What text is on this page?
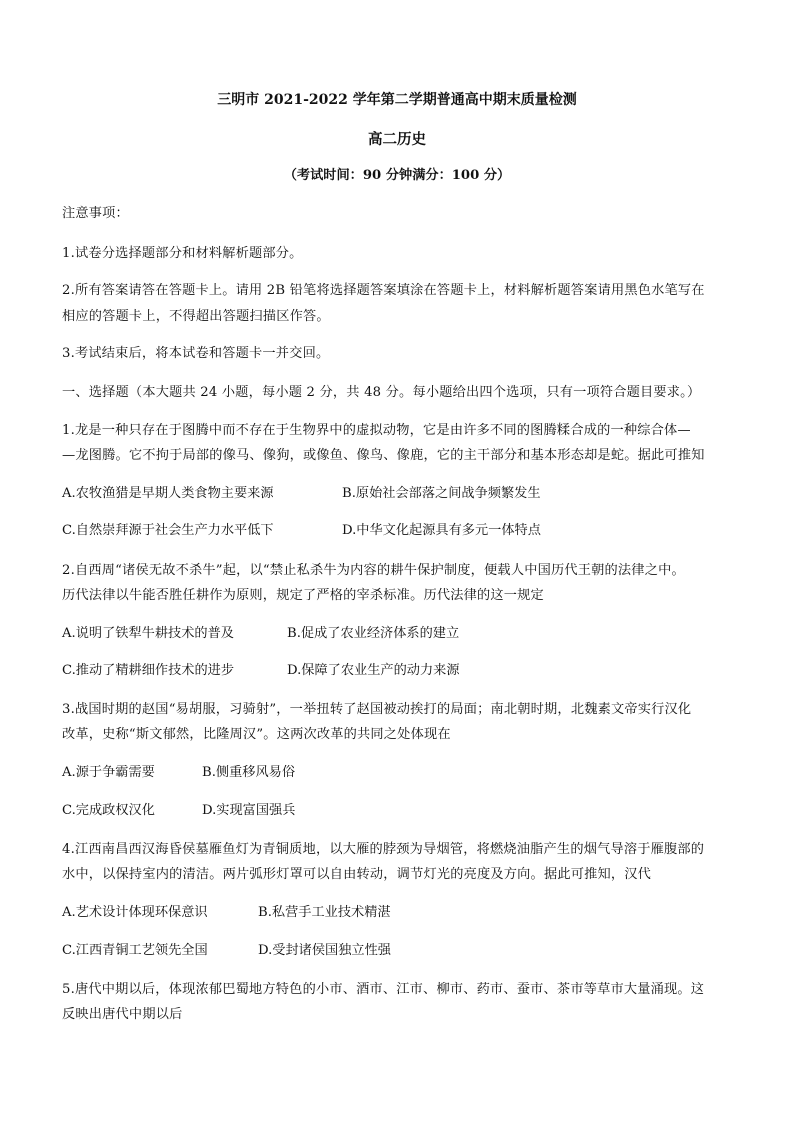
三明市 2021-2022 学年第二学期普通高中期末质量检测
高二历史
（考试时间：90 分钟满分：100 分）
注意事项：
1.试卷分选择题部分和材料解析题部分。
2.所有答案请答在答题卡上。请用 2B 铅笔将选择题答案填涂在答题卡上，材料解析题答案请用黑色水笔写在
相应的答题卡上，不得超出答题扫描区作答。
3.考试结束后，将本试卷和答题卡一并交回。
一、选择题（本大题共 24 小题，每小题 2 分，共 48 分。每小题给出四个选项，只有一项符合题目要求。）
1.龙是一种只存在于图腾中而不存在于生物界中的虚拟动物，它是由许多不同的图腾糅合成的一种综合体—
—龙图腾。它不拘于局部的像马、像狗，或像鱼、像鸟、像鹿，它的主干部分和基本形态却是蛇。据此可推知
A.农牧渔猎是早期人类食物主要来源	B.原始社会部落之间战争频繁发生
C.自然崇拜源于社会生产力水平低下	D.中华文化起源具有多元一体特点
2.自西周“诸侯无故不杀牛”起，以“禁止私杀牛为内容的耕牛保护制度，便载人中国历代王朝的法律之中。
历代法律以牛能否胜任耕作为原则，规定了严格的宰杀标准。历代法律的这一规定
A.说明了铁犁牛耕技术的普及	B.促成了农业经济体系的建立
C.推动了精耕细作技术的进步	D.保障了农业生产的动力来源
3.战国时期的赵国“易胡服，习骑射”，一举扭转了赵国被动挨打的局面；南北朝时期，北魏素文帝实行汉化
改革，史称“斯文郁然，比隆周汉”。这两次改革的共同之处体现在
A.源于争霸需要	B.侧重移风易俗
C.完成政权汉化	D.实现富国强兵
4.江西南昌西汉海昏侯墓雁鱼灯为青铜质地，以大雁的脖颈为导烟管，将燃烧油脂产生的烟气导溶于雁腹部的
水中，以保持室内的清洁。两片弧形灯罩可以自由转动，调节灯光的亮度及方向。据此可推知，汉代
A.艺术设计体现环保意识	B.私营手工业技术精湛
C.江西青铜工艺领先全国	D.受封诸侯国独立性强
5.唐代中期以后，体现浓郁巴蜀地方特色的小市、酒市、江市、柳市、药市、蚕市、茶市等草市大量涌现。这
反映出唐代中期以后
